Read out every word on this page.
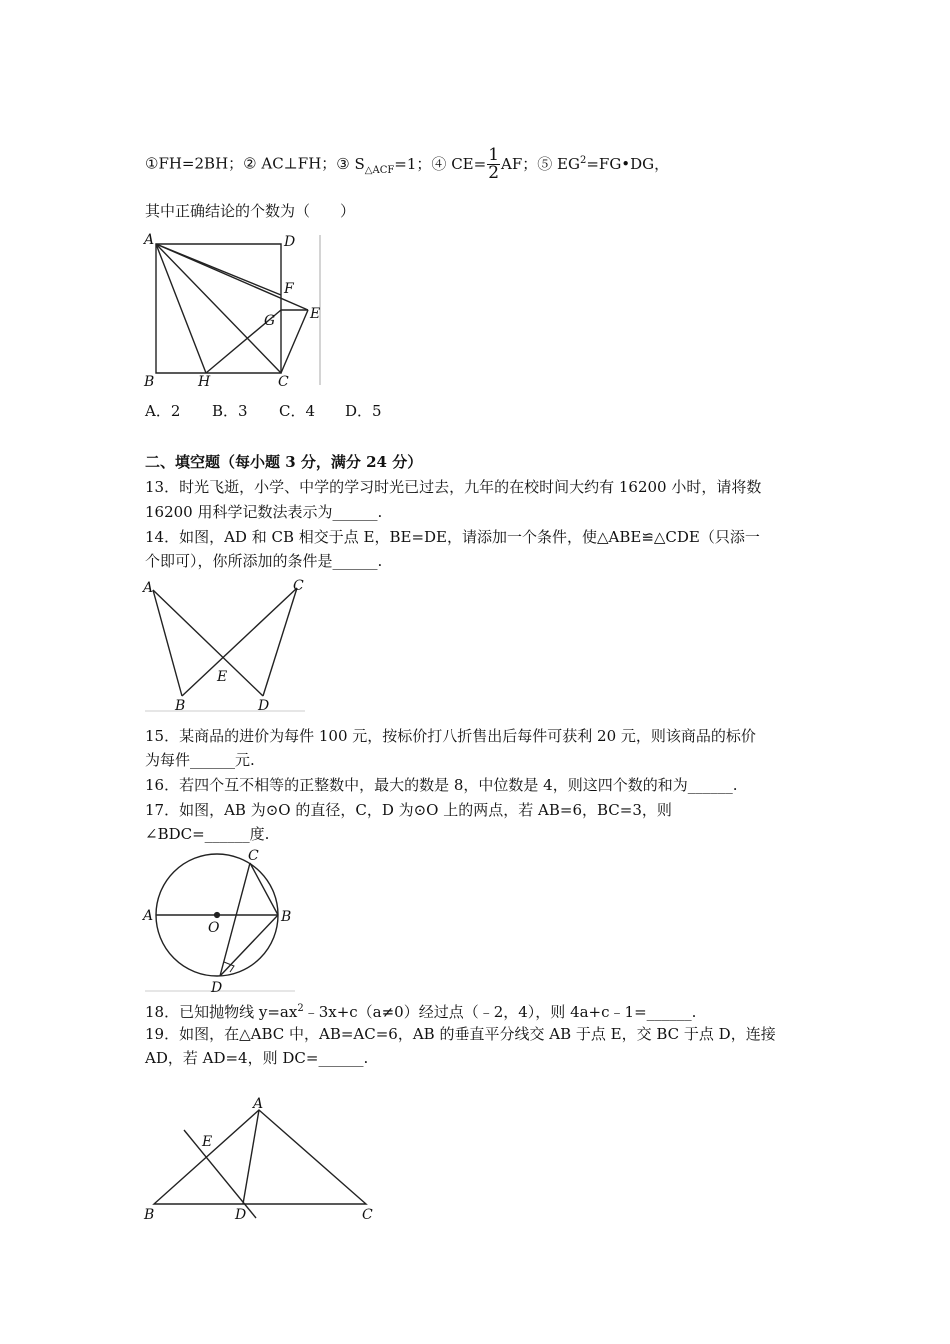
①FH=2BH；② AC⊥FH；③ $S_{\triangle ACF}=1$；④ $CE= \frac{1}{2}$ AF；⑤ $EG^2=FG•DG$，
其中正确结论的个数为（　　）
A	D
F
G E
B	H	C
A．2 B．3 C．4 D．5
二、填空题（每小题 3 分，满分 24 分）
13．时光飞逝，小学、中学的学习时光已过去，九年的在校时间大约有 16200 小时，请将数
16200 用科学记数法表示为______.
14．如图，AD 和 CB 相交于点 E，BE=DE，请添加一个条件，使△ABE≌△CDE（只添一
个即可），你所添加的条件是______.
A	C
E
B	D
15．某商品的进价为每件 100 元，按标价打八折售出后每件可获利 20 元，则该商品的标价
为每件______元.
16．若四个互不相等的正整数中，最大的数是 8，中位数是 4，则这四个数的和为______.
17．如图，AB 为⊙O 的直径，C，D 为⊙O 上的两点，若 AB=6，BC=3，则
∠BDC=______度.
A
O
B
C
D
18．已知抛物线 $y=ax^2﹣3x+c(a\ne 0)$经过点（﹣2，4），则 4a+c﹣1=______.
19．如图，在△ABC 中，AB=AC=6，AB 的垂直平分线交 AB 于点 E，交 BC 于点 D，连接
AD，若 AD=4，则 DC=______.
A
E
B	D	C
